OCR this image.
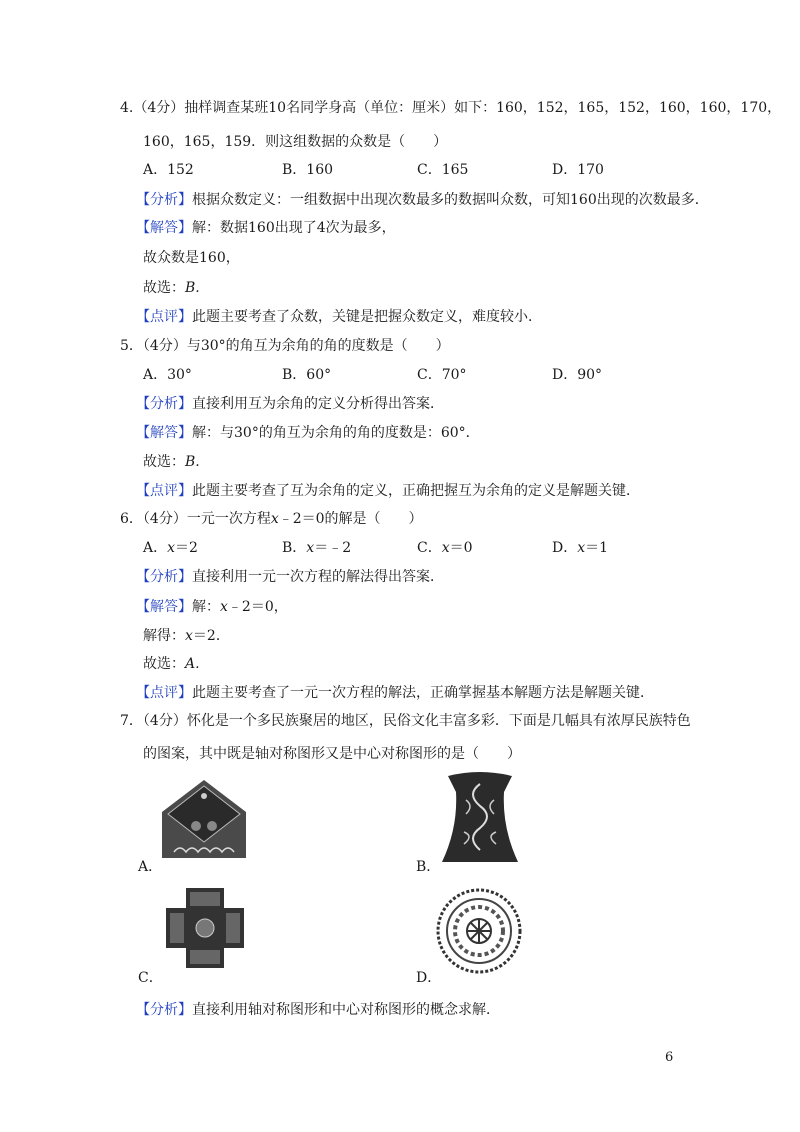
4.（4分）抽样调查某班10名同学身高（单位：厘米）如下：160，152，165，152，160，160，170，
160，165，159．则这组数据的众数是（　　）
A．152	B．160	C．165	D．170
【分析】根据众数定义：一组数据中出现次数最多的数据叫众数，可知160出现的次数最多．
【解答】解：数据160出现了4次为最多，
故众数是160，
故选：B.
【点评】此题主要考查了众数，关键是把握众数定义，难度较小．
5．（4分）与30°的角互为余角的角的度数是（　　）
A．30°	B．60°	C．70°	D．90°
【分析】直接利用互为余角的定义分析得出答案．
【解答】解：与30°的角互为余角的角的度数是：60°．
故选：B.
【点评】此题主要考查了互为余角的定义，正确把握互为余角的定义是解题关键．
6．（4分）一元一次方程x﹣2＝0的解是（　　）
A．x＝2	B．x＝﹣2	C．x＝0	D．x＝1
【分析】直接利用一元一次方程的解法得出答案．
【解答】解：x﹣2＝0，
解得：x＝2．
故选：A.
【点评】此题主要考查了一元一次方程的解法，正确掌握基本解题方法是解题关键．
7．（4分）怀化是一个多民族聚居的地区，民俗文化丰富多彩．下面是几幅具有浓厚民族特色
的图案，其中既是轴对称图形又是中心对称图形的是（　　）
A．	B．
C．	D．
【分析】直接利用轴对称图形和中心对称图形的概念求解．
6
